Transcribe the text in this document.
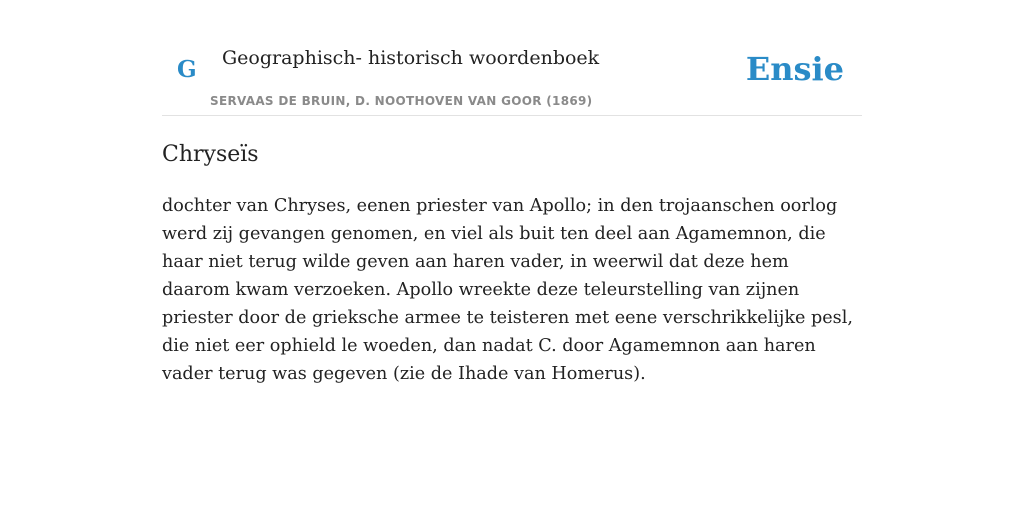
G Geographisch- historisch woordenboek
SERVAAS DE BRUIN, D. NOOTHOVEN VAN GOOR (1869)
Ensie
Chryseïs

dochter van Chryses, eenen priester van Apollo; in den trojaanschen oorlog werd zij gevangen genomen, en viel als buit ten deel aan Agamemnon, die haar niet terug wilde geven aan haren vader, in weerwil dat deze hem daarom kwam verzoeken. Apollo wreekte deze teleurstelling van zijnen priester door de grieksche armee te teisteren met eene verschrikkelijke pesl, die niet eer ophield le woeden, dan nadat C. door Agamemnon aan haren vader terug was gegeven (zie de Ihade van Homerus).
